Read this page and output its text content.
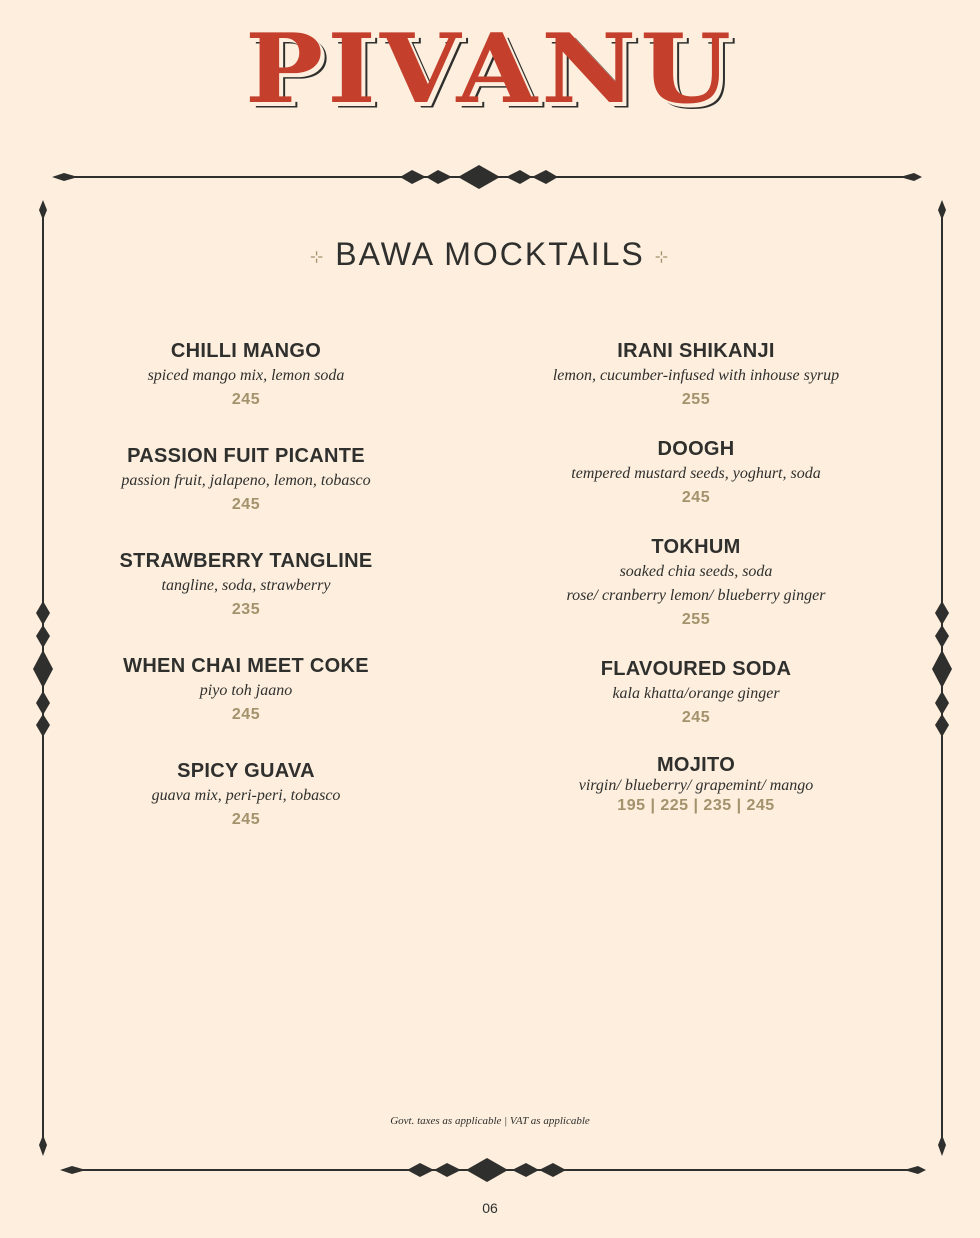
PIVANU
⊹ BAWA MOCKTAILS ⊹
CHILLI MANGO
spiced mango mix, lemon soda
245
PASSION FUIT PICANTE
passion fruit, jalapeno, lemon, tobasco
245
STRAWBERRY TANGLINE
tangline, soda, strawberry
235
WHEN CHAI MEET COKE
piyo toh jaano
245
SPICY GUAVA
guava mix, peri-peri, tobasco
245
IRANI SHIKANJI
lemon, cucumber-infused with inhouse syrup
255
DOOGH
tempered mustard seeds, yoghurt, soda
245
TOKHUM
soaked chia seeds, soda
rose/ cranberry lemon/ blueberry ginger
255
FLAVOURED SODA
kala khatta/orange ginger
245
MOJITO
virgin/ blueberry/ grapemint/ mango
195 | 225 | 235 | 245
Govt. taxes as applicable | VAT as applicable
06
